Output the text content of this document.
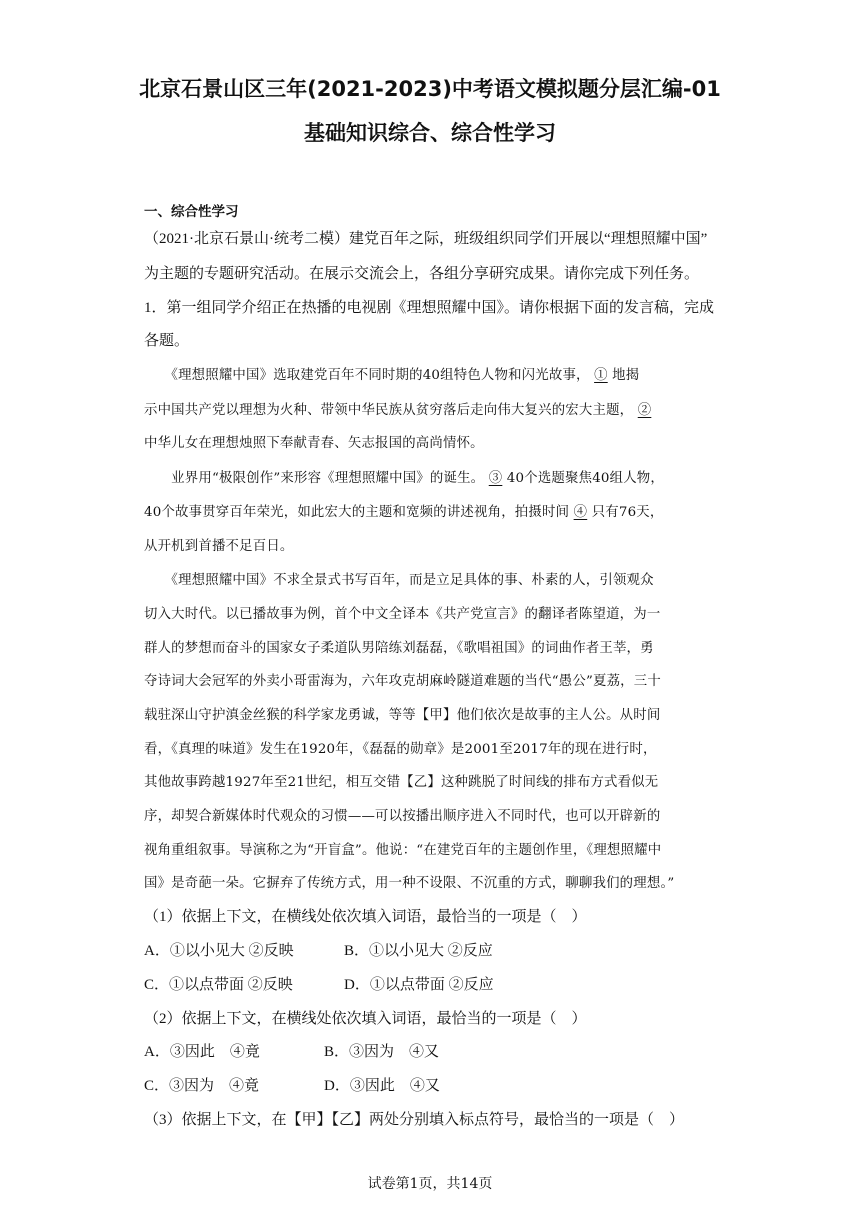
北京石景山区三年(2021-2023)中考语文模拟题分层汇编-01
基础知识综合、综合性学习
一、综合性学习
（2021·北京石景山·统考二模）建党百年之际，班级组织同学们开展以“理想照耀中国”
为主题的专题研究活动。在展示交流会上，各组分享研究成果。请你完成下列任务。
1．第一组同学介绍正在热播的电视剧《理想照耀中国》。请你根据下面的发言稿，完成
各题。
　　《理想照耀中国》选取建党百年不同时期的40组特色人物和闪光故事， ① 地揭
示中国共产党以理想为火种、带领中华民族从贫穷落后走向伟大复兴的宏大主题， ②
中华儿女在理想烛照下奉献青春、矢志报国的高尚情怀。
　　业界用“极限创作”来形容《理想照耀中国》的诞生。 ③ 40个选题聚焦40组人物，
40个故事贯穿百年荣光，如此宏大的主题和宽频的讲述视角，拍摄时间 ④ 只有76天，
从开机到首播不足百日。
　　《理想照耀中国》不求全景式书写百年，而是立足具体的事、朴素的人，引领观众
切入大时代。以已播故事为例，首个中文全译本《共产党宣言》的翻译者陈望道，为一
群人的梦想而奋斗的国家女子柔道队男陪练刘磊磊，《歌唱祖国》的词曲作者王莘，勇
夺诗词大会冠军的外卖小哥雷海为，六年攻克胡麻岭隧道难题的当代“愚公”夏荔，三十
载驻深山守护滇金丝猴的科学家龙勇诚，等等【甲】他们依次是故事的主人公。从时间
看，《真理的味道》发生在1920年，《磊磊的勋章》是2001至2017年的现在进行时，
其他故事跨越1927年至21世纪，相互交错【乙】这种跳脱了时间线的排布方式看似无
序，却契合新媒体时代观众的习惯——可以按播出顺序进入不同时代，也可以开辟新的
视角重组叙事。导演称之为“开盲盒”。他说：“在建党百年的主题创作里，《理想照耀中
国》是奇葩一朵。它摒弃了传统方式，用一种不设限、不沉重的方式，聊聊我们的理想。”
（1）依据上下文，在横线处依次填入词语，最恰当的一项是（　）
A．①以小见大 ②反映	B．①以小见大 ②反应
C．①以点带面 ②反映	D．①以点带面 ②反应
（2）依据上下文，在横线处依次填入词语，最恰当的一项是（　）
A．③因此　④竟	B．③因为　④又
C．③因为　④竟	D．③因此　④又
（3）依据上下文，在【甲】【乙】两处分别填入标点符号，最恰当的一项是（　）
试卷第1页，共14页
